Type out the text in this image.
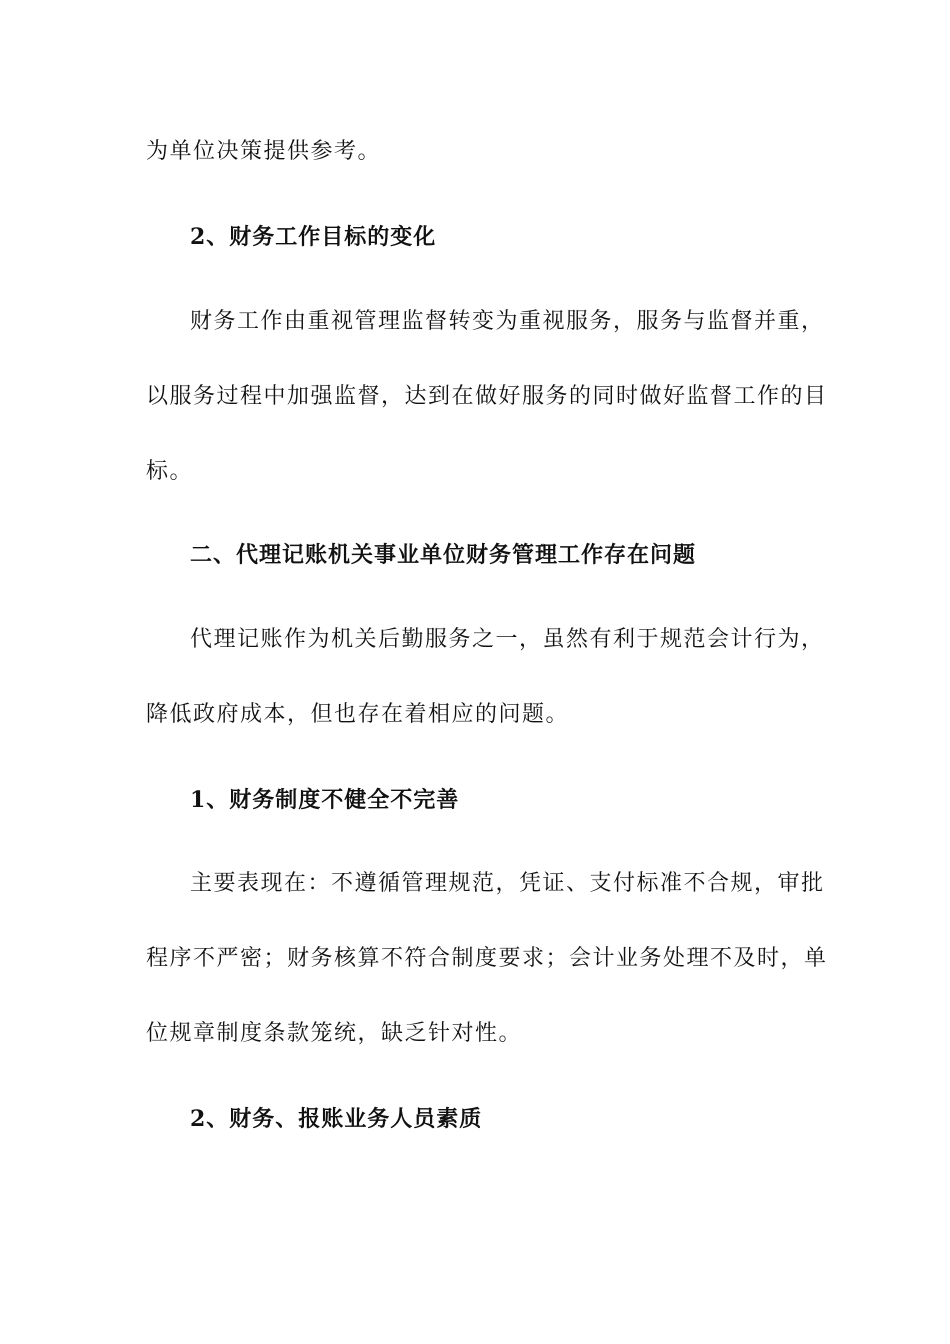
为单位决策提供参考。
2、财务工作目标的变化
财务工作由重视管理监督转变为重视服务，服务与监督并重，
以服务过程中加强监督，达到在做好服务的同时做好监督工作的目
标。
二、代理记账机关事业单位财务管理工作存在问题
代理记账作为机关后勤服务之一，虽然有利于规范会计行为，
降低政府成本，但也存在着相应的问题。
1、财务制度不健全不完善
主要表现在：不遵循管理规范，凭证、支付标准不合规，审批
程序不严密；财务核算不符合制度要求；会计业务处理不及时，单
位规章制度条款笼统，缺乏针对性。
2、财务、报账业务人员素质
